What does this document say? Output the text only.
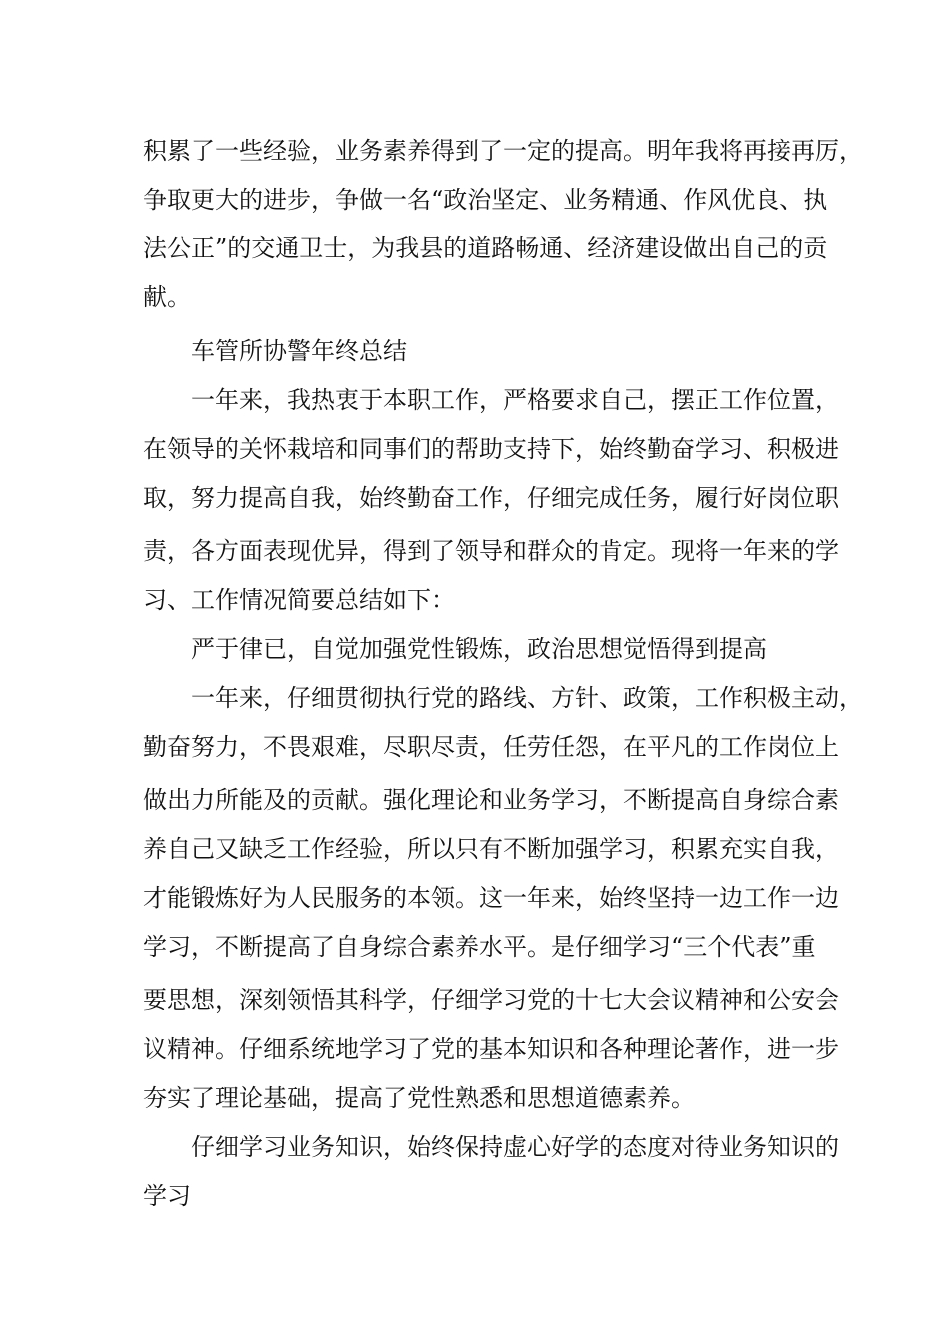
积累了一些经验，业务素养得到了一定的提高。明年我将再接再厉，

争取更大的进步，争做一名“政治坚定、业务精通、作风优良、执

法公正”的交通卫士，为我县的道路畅通、经济建设做出自己的贡

献。

车管所协警年终总结

一年来，我热衷于本职工作，严格要求自己，摆正工作位置，

在领导的关怀栽培和同事们的帮助支持下，始终勤奋学习、积极进

取，努力提高自我，始终勤奋工作，仔细完成任务，履行好岗位职

责，各方面表现优异，得到了领导和群众的肯定。现将一年来的学

习、工作情况简要总结如下：

严于律已，自觉加强党性锻炼，政治思想觉悟得到提高

一年来，仔细贯彻执行党的路线、方针、政策，工作积极主动，

勤奋努力，不畏艰难，尽职尽责，任劳任怨，在平凡的工作岗位上

做出力所能及的贡献。强化理论和业务学习，不断提高自身综合素

养自己又缺乏工作经验，所以只有不断加强学习，积累充实自我，

才能锻炼好为人民服务的本领。这一年来，始终坚持一边工作一边

学习，不断提高了自身综合素养水平。是仔细学习“三个代表”重

要思想，深刻领悟其科学，仔细学习党的十七大会议精神和公安会

议精神。仔细系统地学习了党的基本知识和各种理论著作，进一步

夯实了理论基础，提高了党性熟悉和思想道德素养。

仔细学习业务知识，始终保持虚心好学的态度对待业务知识的

学习
